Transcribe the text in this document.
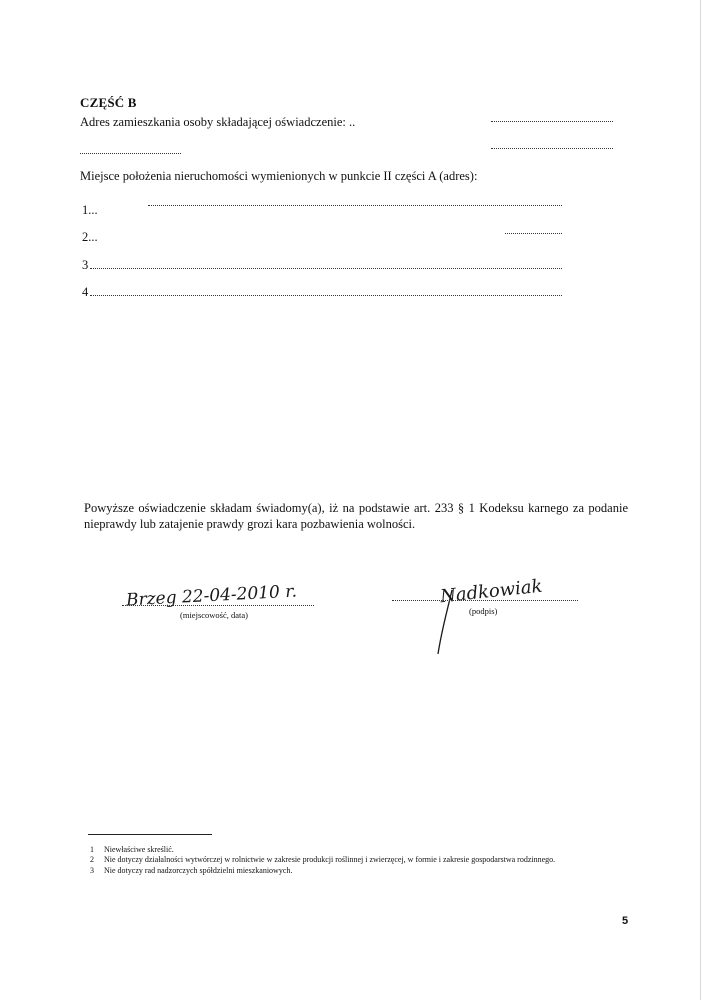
CZĘŚĆ B
Adres zamieszkania osoby składającej oświadczenie: ..
Miejsce położenia nieruchomości wymienionych w punkcie II części A (adres):
1...
2...
3
4
Powyższe oświadczenie składam świadomy(a), iż na podstawie art. 233 § 1 Kodeksu karnego za podanie nieprawdy lub zatajenie prawdy grozi kara pozbawienia wolności.
Brzeg 22-04-2010 r.
(miejscowość, data)
Nadkowiak
(podpis)
1 Niewłaściwe skreślić.
2 Nie dotyczy działalności wytwórczej w rolnictwie w zakresie produkcji roślinnej i zwierzęcej, w formie i zakresie gospodarstwa rodzinnego.
3 Nie dotyczy rad nadzorczych spółdzielni mieszkaniowych.
5
